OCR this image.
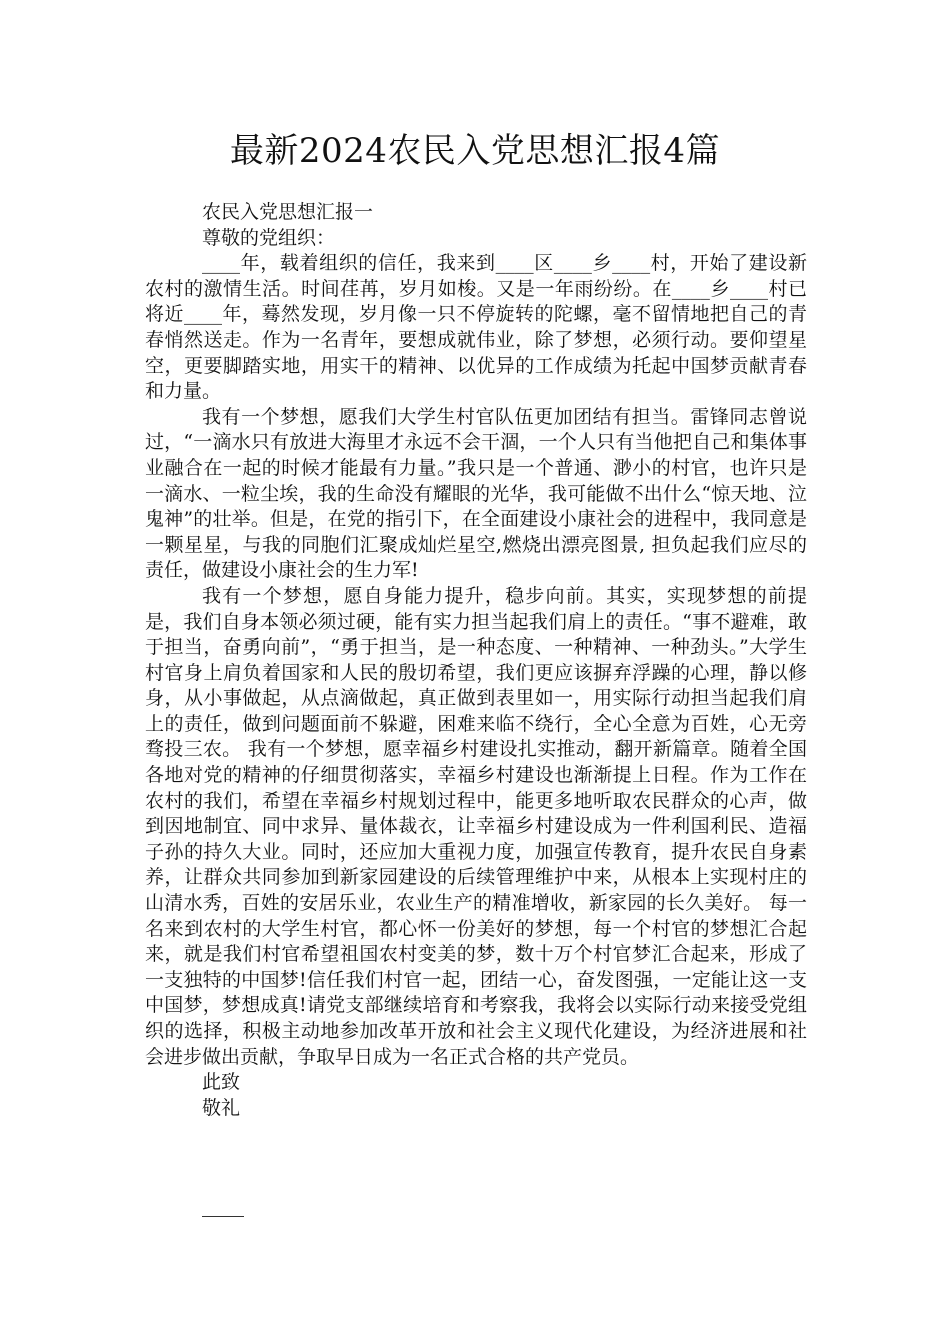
最新2024农民入党思想汇报4篇

农民入党思想汇报一

尊敬的党组织：

____年，载着组织的信任，我来到____区____乡____村，开始了建设新农村的激情生活。时间荏苒，岁月如梭。又是一年雨纷纷。在____乡____村已将近____年，蓦然发现，岁月像一只不停旋转的陀螺，毫不留情地把自己的青春悄然送走。作为一名青年，要想成就伟业，除了梦想，必须行动。要仰望星空，更要脚踏实地，用实干的精神、以优异的工作成绩为托起中国梦贡献青春和力量。

我有一个梦想，愿我们大学生村官队伍更加团结有担当。雷锋同志曾说过，“一滴水只有放进大海里才永远不会干涸，一个人只有当他把自己和集体事业融合在一起的时候才能最有力量。”我只是一个普通、渺小的村官，也许只是一滴水、一粒尘埃，我的生命没有耀眼的光华，我可能做不出什么“惊天地、泣鬼神”的壮举。但是，在党的指引下，在全面建设小康社会的进程中，我同意是一颗星星，与我的同胞们汇聚成灿烂星空,燃烧出漂亮图景, 担负起我们应尽的责任，做建设小康社会的生力军!

我有一个梦想，愿自身能力提升，稳步向前。其实，实现梦想的前提是，我们自身本领必须过硬，能有实力担当起我们肩上的责任。“事不避难，敢于担当，奋勇向前”，“勇于担当，是一种态度、一种精神、一种劲头。”大学生村官身上肩负着国家和人民的殷切希望，我们更应该摒弃浮躁的心理，静以修身，从小事做起，从点滴做起，真正做到表里如一，用实际行动担当起我们肩上的责任，做到问题面前不躲避，困难来临不绕行，全心全意为百姓，心无旁骛投三农。 我有一个梦想，愿幸福乡村建设扎实推动，翻开新篇章。随着全国各地对党的精神的仔细贯彻落实，幸福乡村建设也渐渐提上日程。作为工作在农村的我们，希望在幸福乡村规划过程中，能更多地听取农民群众的心声，做到因地制宜、同中求异、量体裁衣，让幸福乡村建设成为一件利国利民、造福子孙的持久大业。同时，还应加大重视力度，加强宣传教育，提升农民自身素养，让群众共同参加到新家园建设的后续管理维护中来，从根本上实现村庄的山清水秀，百姓的安居乐业，农业生产的精准增收，新家园的长久美好。 每一名来到农村的大学生村官，都心怀一份美好的梦想，每一个村官的梦想汇合起来，就是我们村官希望祖国农村变美的梦，数十万个村官梦汇合起来，形成了一支独特的中国梦!信任我们村官一起，团结一心，奋发图强，一定能让这一支中国梦，梦想成真!请党支部继续培育和考察我，我将会以实际行动来接受党组织的选择，积极主动地参加改革开放和社会主义现代化建设，为经济进展和社会进步做出贡献，争取早日成为一名正式合格的共产党员。

此致

敬礼
